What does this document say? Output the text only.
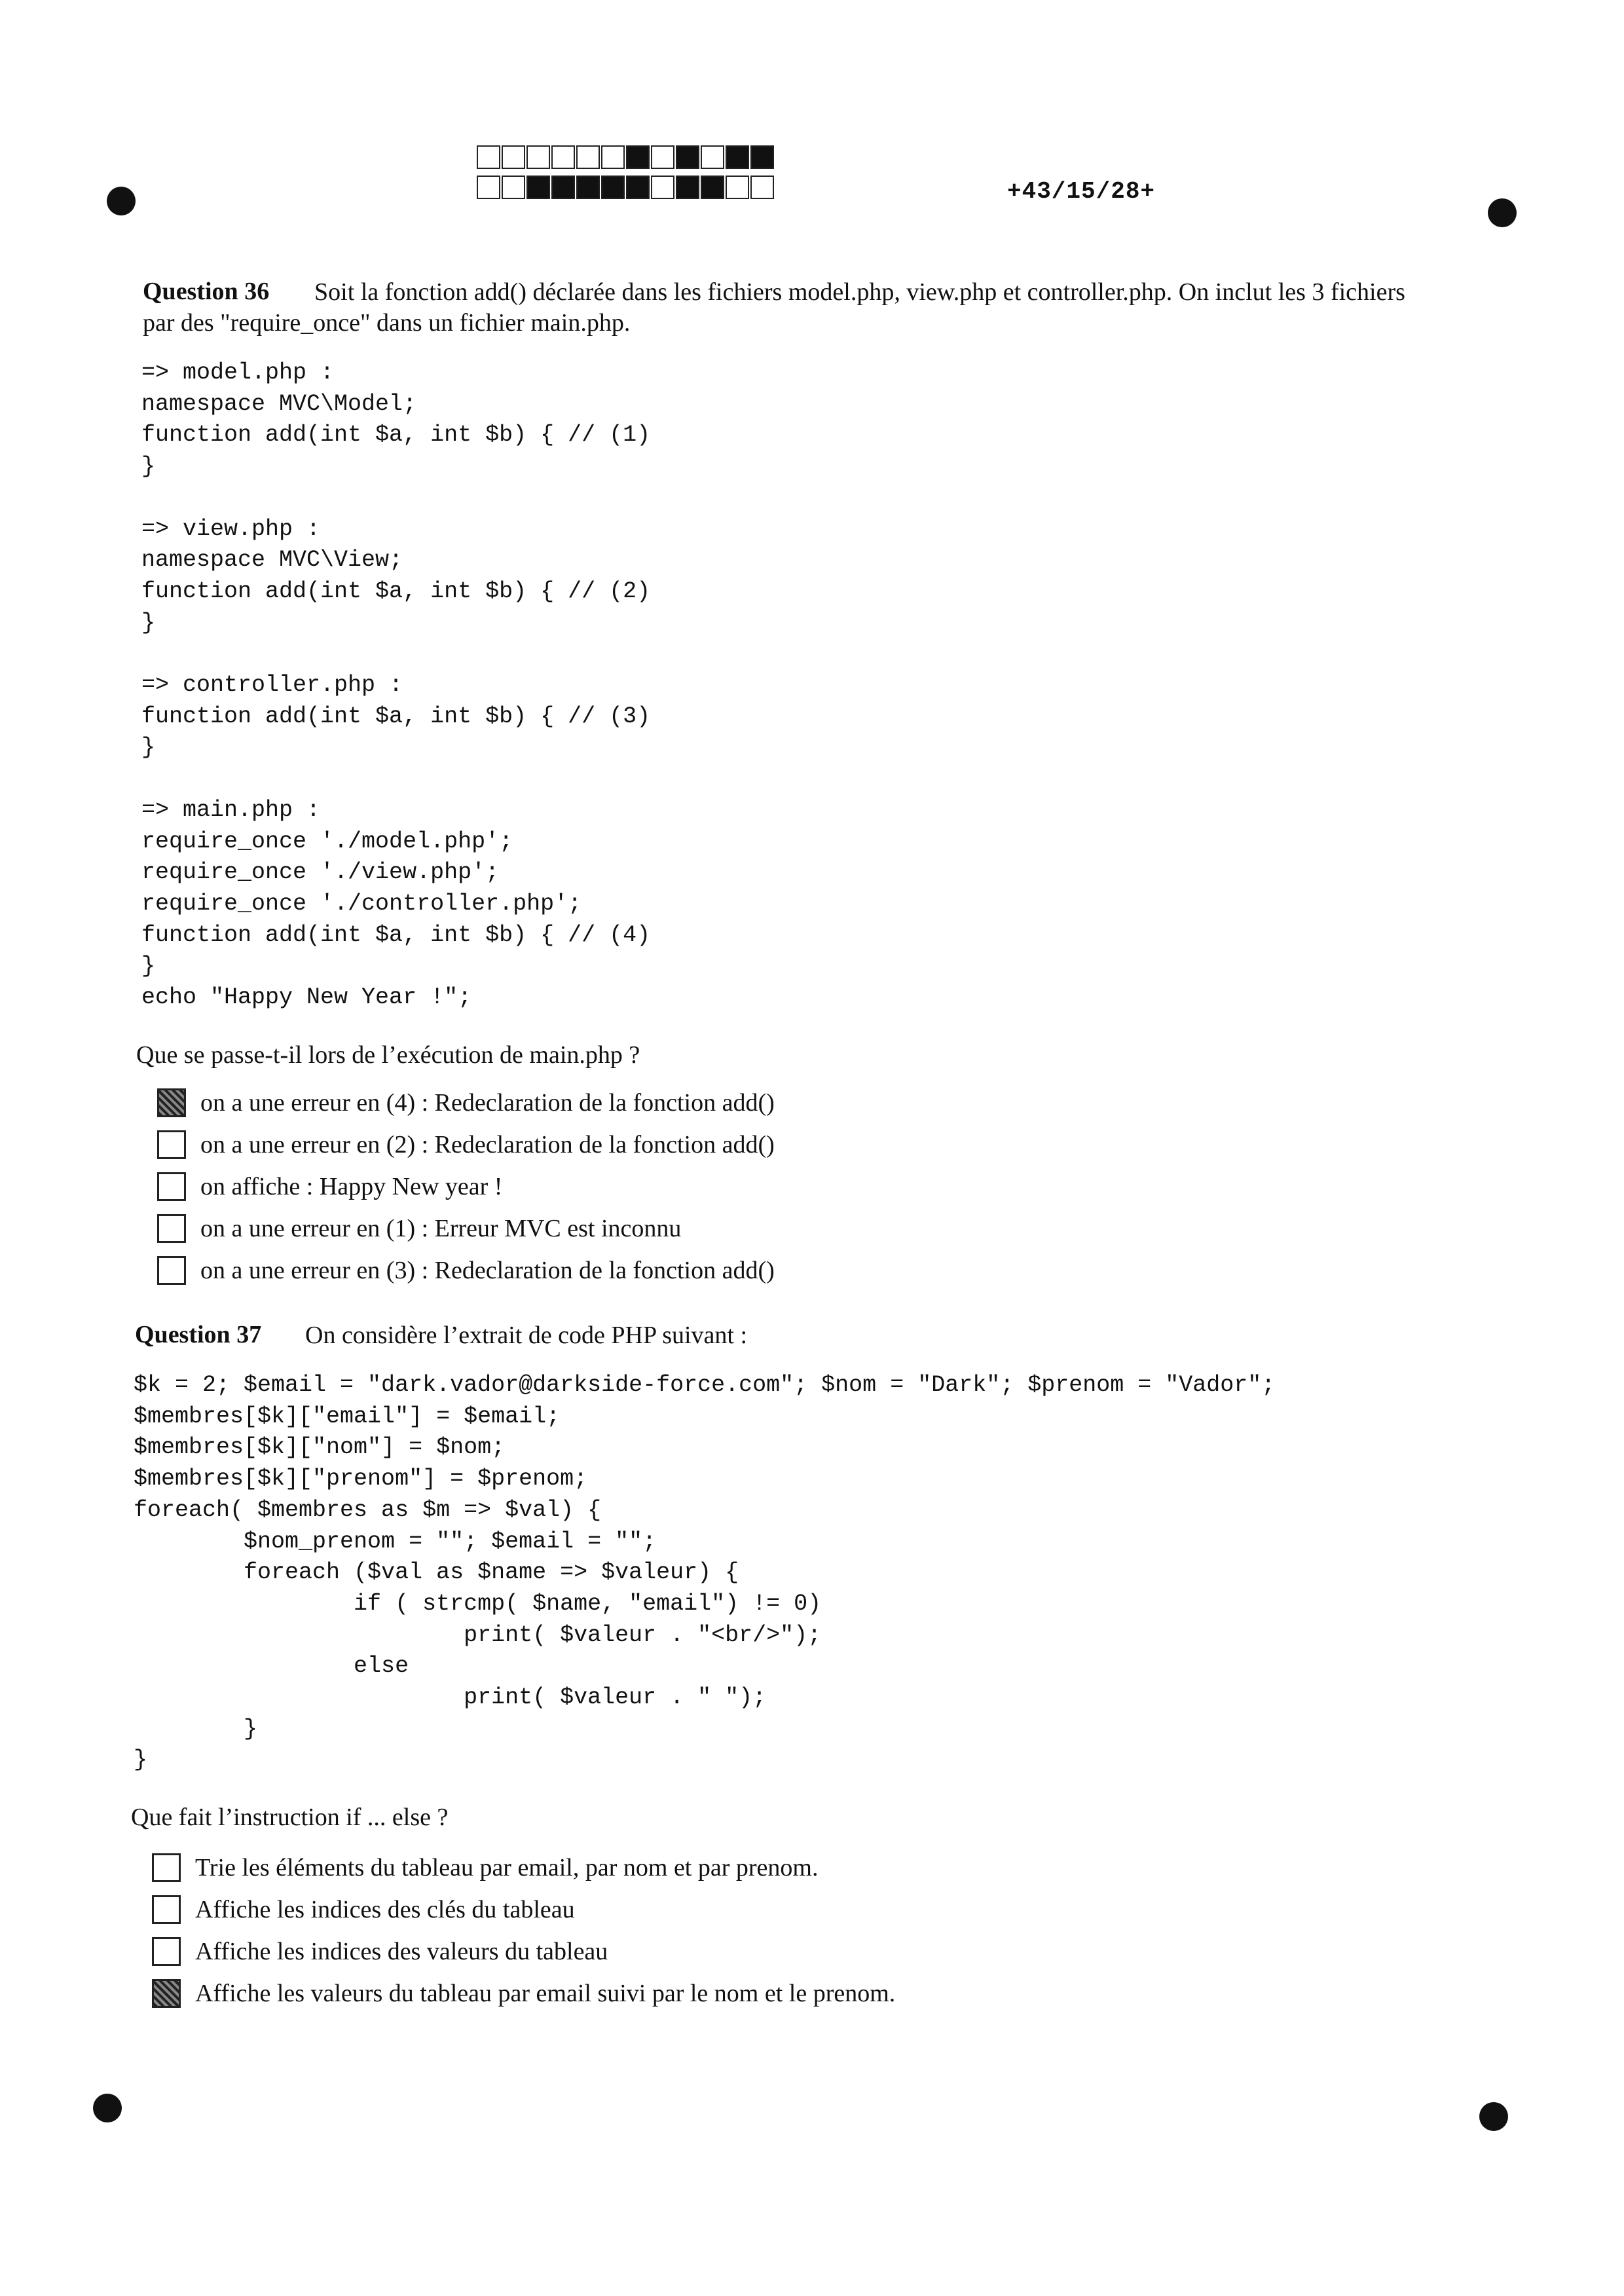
+43/15/28+
Question 36 Soit la fonction add() déclarée dans les fichiers model.php, view.php et controller.php. On inclut les 3 fichiers
par des "require_once" dans un fichier main.php.
=> model.php :
namespace MVC\Model;
function add(int $a, int $b) { // (1)
}

=> view.php :
namespace MVC\View;
function add(int $a, int $b) { // (2)
}

=> controller.php :
function add(int $a, int $b) { // (3)
}

=> main.php :
require_once './model.php';
require_once './view.php';
require_once './controller.php';
function add(int $a, int $b) { // (4)
}
echo "Happy New Year !";
Que se passe-t-il lors de l’exécution de main.php ?
on a une erreur en (4) : Redeclaration de la fonction add()
on a une erreur en (2) : Redeclaration de la fonction add()
on affiche : Happy New year !
on a une erreur en (1) : Erreur MVC est inconnu
on a une erreur en (3) : Redeclaration de la fonction add()
Question 37 On considère l’extrait de code PHP suivant :
$k = 2; $email = "dark.vador@darkside-force.com"; $nom = "Dark"; $prenom = "Vador";
$membres[$k]["email"] = $email;
$membres[$k]["nom"] = $nom;
$membres[$k]["prenom"] = $prenom;
foreach( $membres as $m => $val) {
$nom_prenom = ""; $email = "";
foreach ($val as $name => $valeur) {
if ( strcmp( $name, "email") != 0)
print( $valeur . "<br/>");
else
print( $valeur . " ");
}
}
Que fait l’instruction if ... else ?
Trie les éléments du tableau par email, par nom et par prenom.
Affiche les indices des clés du tableau
Affiche les indices des valeurs du tableau
Affiche les valeurs du tableau par email suivi par le nom et le prenom.
